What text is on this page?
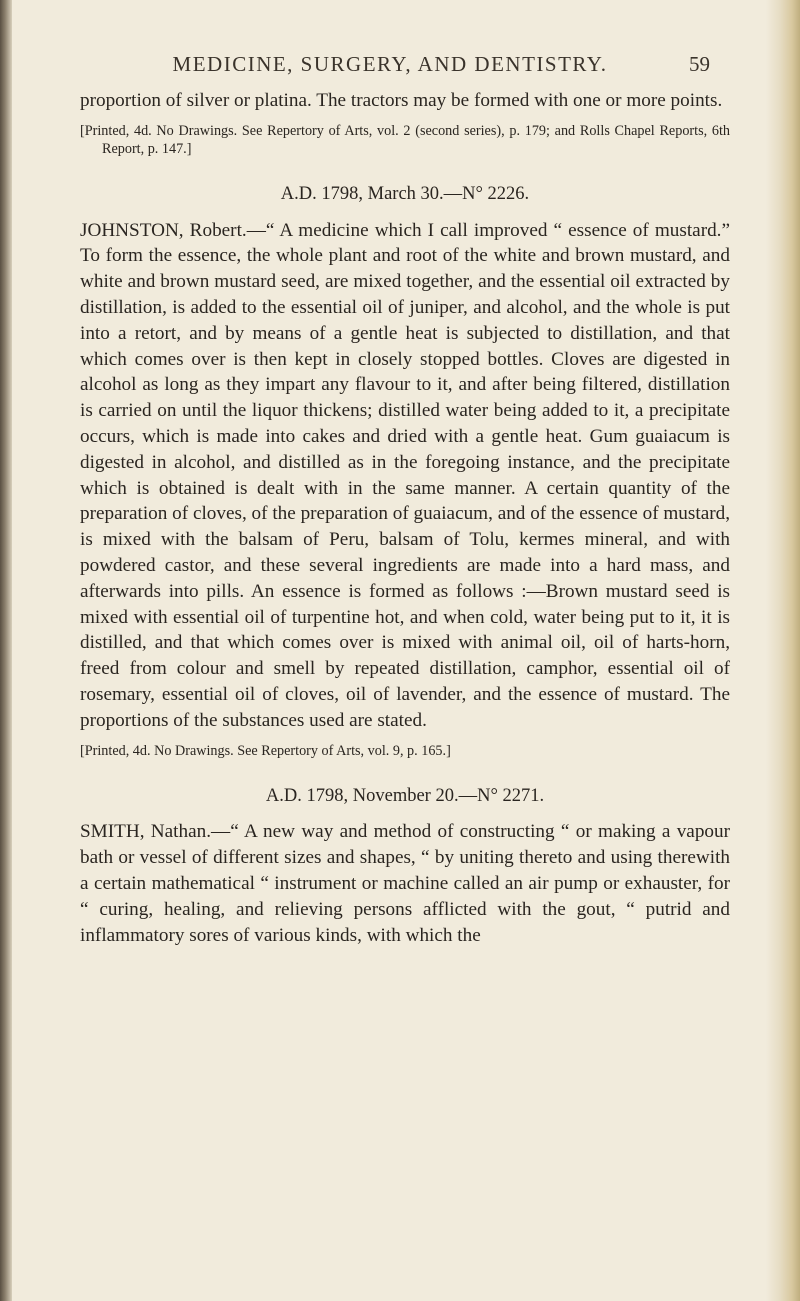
MEDICINE, SURGERY, AND DENTISTRY.	59

proportion of silver or platina. The tractors may be formed with one or more points.

[Printed, 4d. No Drawings. See Repertory of Arts, vol. 2 (second series), p. 179; and Rolls Chapel Reports, 6th Report, p. 147.]

A.D. 1798, March 30.—N° 2226.

JOHNSTON, Robert.—“ A medicine which I call improved “ essence of mustard.” To form the essence, the whole plant and root of the white and brown mustard, and white and brown mustard seed, are mixed together, and the essential oil extracted by distillation, is added to the essential oil of juniper, and alcohol, and the whole is put into a retort, and by means of a gentle heat is subjected to distillation, and that which comes over is then kept in closely stopped bottles. Cloves are digested in alcohol as long as they impart any flavour to it, and after being filtered, distillation is carried on until the liquor thickens; distilled water being added to it, a precipitate occurs, which is made into cakes and dried with a gentle heat. Gum guaiacum is digested in alcohol, and distilled as in the foregoing instance, and the precipitate which is obtained is dealt with in the same manner. A certain quantity of the preparation of cloves, of the preparation of guaiacum, and of the essence of mustard, is mixed with the balsam of Peru, balsam of Tolu, kermes mineral, and with powdered castor, and these several ingredients are made into a hard mass, and afterwards into pills. An essence is formed as follows :—Brown mustard seed is mixed with essential oil of turpentine hot, and when cold, water being put to it, it is distilled, and that which comes over is mixed with animal oil, oil of harts-horn, freed from colour and smell by repeated distillation, camphor, essential oil of rosemary, essential oil of cloves, oil of lavender, and the essence of mustard. The proportions of the substances used are stated.

[Printed, 4d. No Drawings. See Repertory of Arts, vol. 9, p. 165.]

A.D. 1798, November 20.—N° 2271.

SMITH, Nathan.—“ A new way and method of constructing “ or making a vapour bath or vessel of different sizes and shapes, “ by uniting thereto and using therewith a certain mathematical “ instrument or machine called an air pump or exhauster, for “ curing, healing, and relieving persons afflicted with the gout, “ putrid and inflammatory sores of various kinds, with which the
